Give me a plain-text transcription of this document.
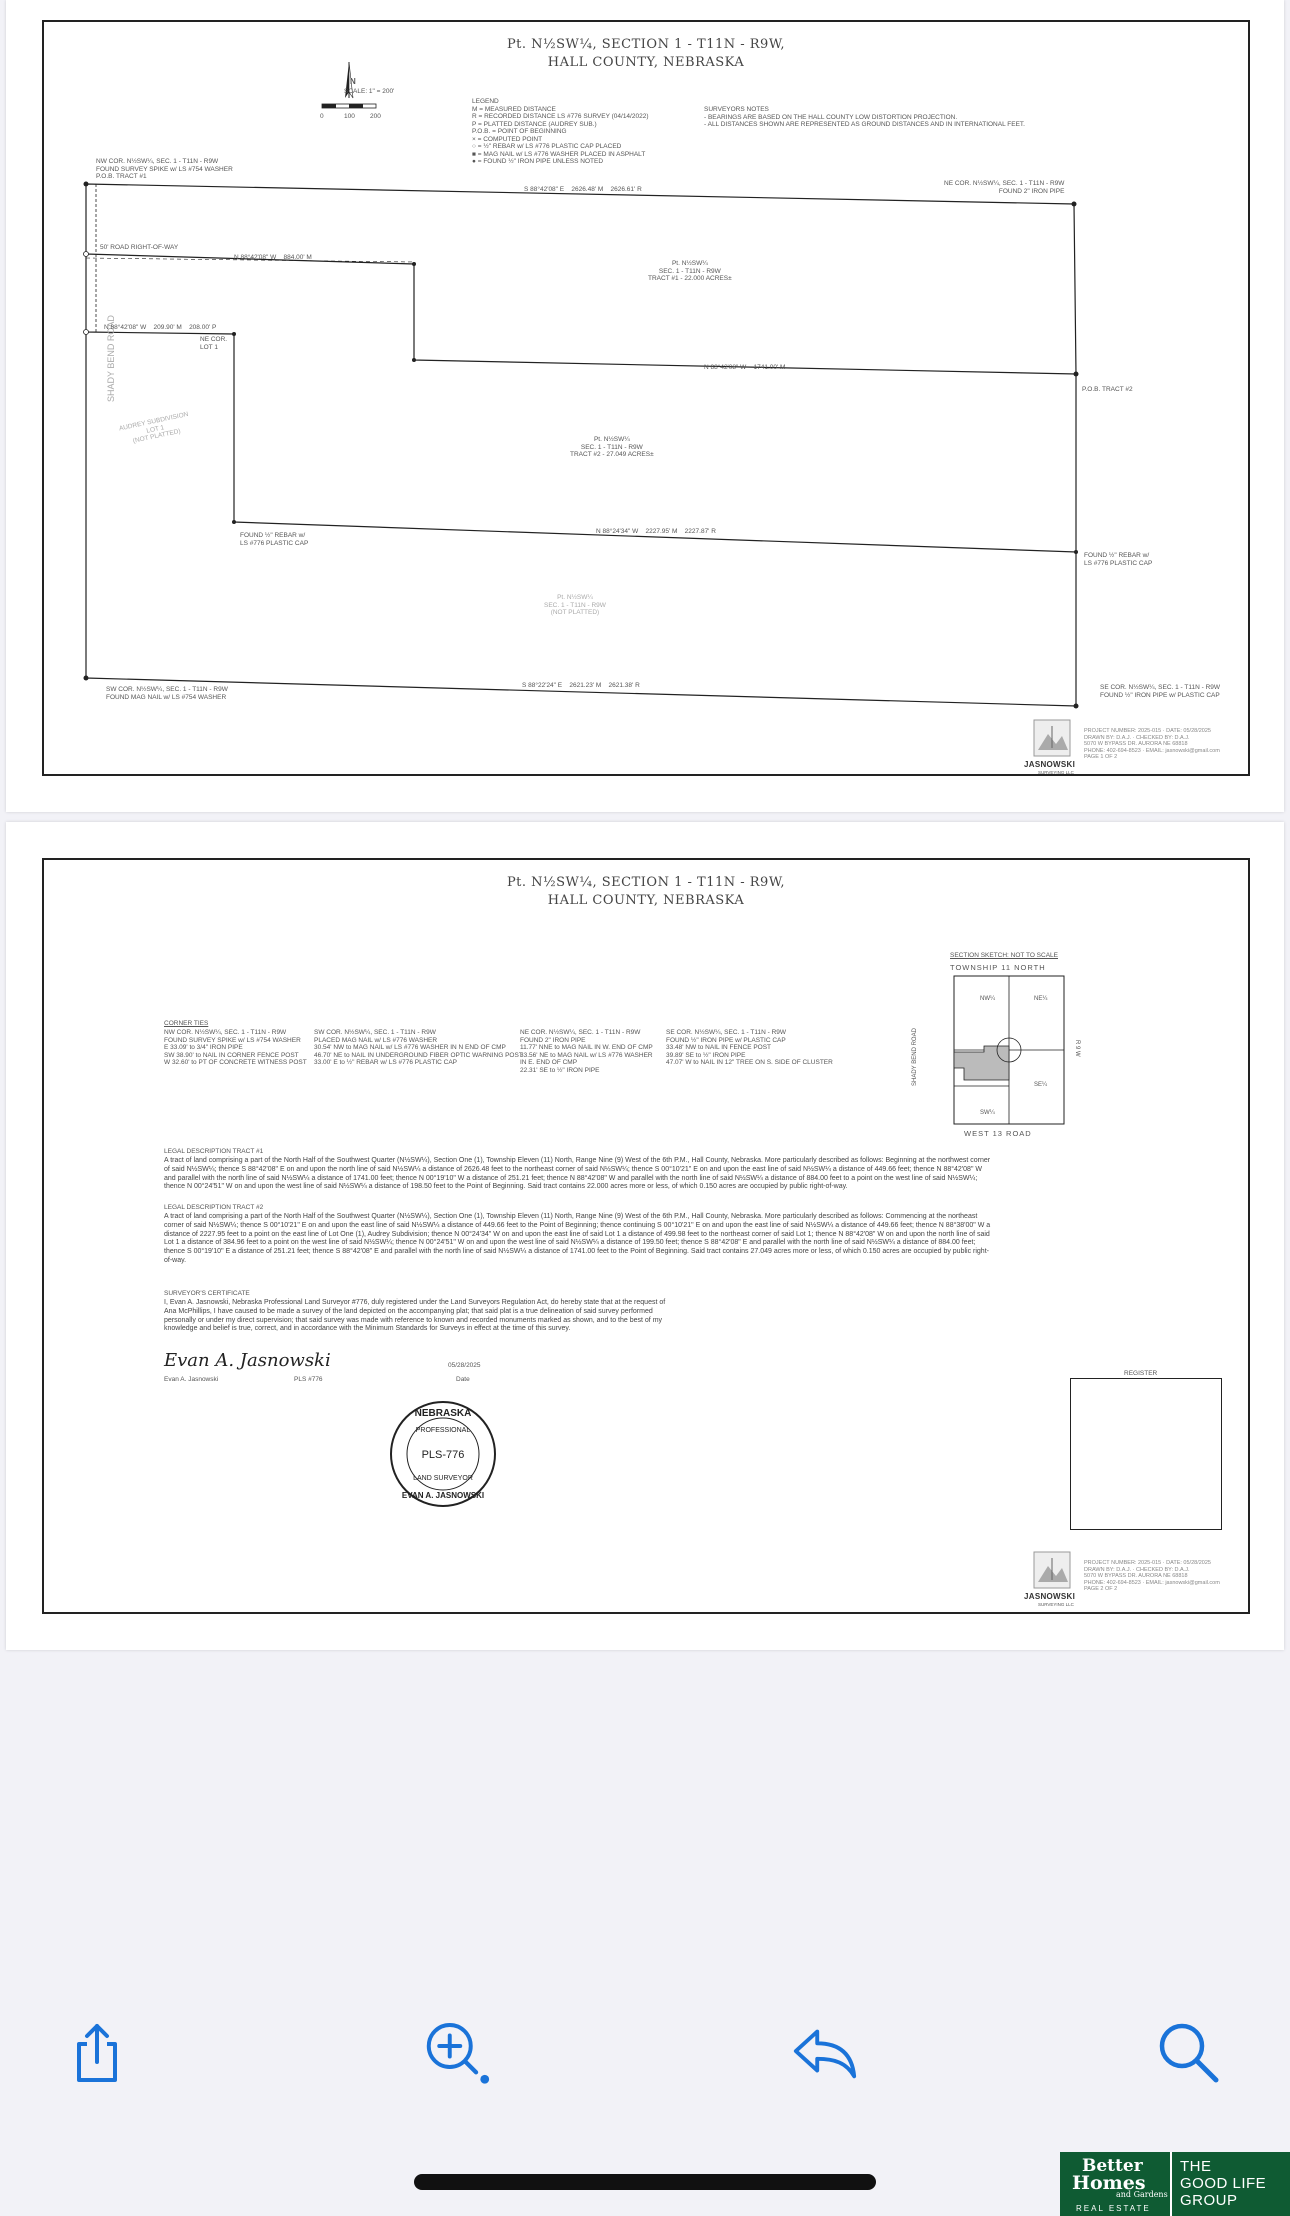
Pt. N½SW¼, SECTION 1 - T11N - R9W,
HALL COUNTY, NEBRASKA
N
SCALE: 1" = 200'
0	100 200
LEGEND
M = MEASURED DISTANCE
R = RECORDED DISTANCE LS #776 SURVEY (04/14/2022)
P = PLATTED DISTANCE (AUDREY SUB.)
P.O.B. = POINT OF BEGINNING
× = COMPUTED POINT
○ = ½" REBAR w/ LS #776 PLASTIC CAP PLACED
■ = MAG NAIL w/ LS #776 WASHER PLACED IN ASPHALT
● = FOUND ½" IRON PIPE UNLESS NOTED
SURVEYORS NOTES
- BEARINGS ARE BASED ON THE HALL COUNTY LOW DISTORTION PROJECTION.
- ALL DISTANCES SHOWN ARE REPRESENTED AS GROUND DISTANCES AND IN INTERNATIONAL FEET.
SHADY BEND ROAD
NW COR. N½SW¼, SEC. 1 - T11N - R9W
FOUND SURVEY SPIKE w/ LS #754 WASHER
P.O.B. TRACT #1
NE COR. N½SW¼, SEC. 1 - T11N - R9W
FOUND 2" IRON PIPE
SE COR. N½SW¼, SEC. 1 - T11N - R9W
FOUND ½" IRON PIPE w/ PLASTIC CAP
SW COR. N½SW¼, SEC. 1 - T11N - R9W
FOUND MAG NAIL w/ LS #754 WASHER
S 88°42'08" E    2626.48' M    2626.61' R
50' ROAD RIGHT-OF-WAY
N 88°42'08" W    884.00' M
N 88°42'08" W    1741.00' M
N 88°42'08" W    209.90' M    208.00' P
N 88°24'34" W    2227.95' M    2227.87' R
S 88°22'24" E    2621.23' M    2621.38' R
P.O.B. TRACT #2
FOUND ½" REBAR w/
LS #776 PLASTIC CAP
FOUND ½" REBAR w/
LS #776 PLASTIC CAP
NE COR.
LOT 1
Pt. N½SW¼
SEC. 1 - T11N - R9W
TRACT #1 - 22.000 ACRES±
Pt. N½SW¼
SEC. 1 - T11N - R9W
TRACT #2 - 27.049 ACRES±
Pt. N½SW¼
SEC. 1 - T11N - R9W
(NOT PLATTED)
AUDREY SUBDIVISION
LOT 1
(NOT PLATTED)
JASNOWSKI
SURVEYING LLC
PROJECT NUMBER: 2025-015 · DATE: 05/28/2025
DRAWN BY: D.A.J. · CHECKED BY: D.A.J.
5070 W BYPASS DR. AURORA NE 68818
PHONE: 402-694-8523 · EMAIL: jasnowski@gmail.com
PAGE 1 OF 2
Pt. N½SW¼, SECTION 1 - T11N - R9W,
HALL COUNTY, NEBRASKA
CORNER TIES
NW COR. N½SW¼, SEC. 1 - T11N - R9W
FOUND SURVEY SPIKE w/ LS #754 WASHER
E 33.09' to 3/4" IRON PIPE
SW 38.90' to NAIL IN CORNER FENCE POST
W 32.60' to PT OF CONCRETE WITNESS POST
SW COR. N½SW¼, SEC. 1 - T11N - R9W
PLACED MAG NAIL w/ LS #776 WASHER
30.54' NW to MAG NAIL w/ LS #776 WASHER IN N END OF CMP
46.70' NE to NAIL IN UNDERGROUND FIBER OPTIC WARNING POST
33.00' E to ½" REBAR w/ LS #776 PLASTIC CAP
NE COR. N½SW¼, SEC. 1 - T11N - R9W
FOUND 2" IRON PIPE
11.77' NNE to MAG NAIL IN W. END OF CMP
33.56' NE to MAG NAIL w/ LS #776 WASHER
IN E. END OF CMP
22.31' SE to ½" IRON PIPE
SE COR. N½SW¼, SEC. 1 - T11N - R9W
FOUND ½" IRON PIPE w/ PLASTIC CAP
33.48' NW to NAIL IN FENCE POST
39.89' SE to ½" IRON PIPE
47.07' W to NAIL IN 12" TREE ON S. SIDE OF CLUSTER
SECTION SKETCH: NOT TO SCALE
TOWNSHIP 11 NORTH
NW¼	NE¼
SW¼
SE¼
WEST 13 ROAD
SHADY BEND ROAD	R 9 W
LEGAL DESCRIPTION TRACT #1
A tract of land comprising a part of the North Half of the Southwest Quarter (N½SW¼), Section One (1), Township Eleven (11) North, Range Nine (9) West of the 6th P.M., Hall County, Nebraska. More particularly described as follows: Beginning at the northwest corner of said N½SW¼; thence S 88°42'08" E on and upon the north line of said N½SW¼ a distance of 2626.48 feet to the northeast corner of said N½SW¼; thence S 00°10'21" E on and upon the east line of said N½SW¼ a distance of 449.66 feet; thence N 88°42'08" W and parallel with the north line of said N½SW¼ a distance of 1741.00 feet; thence N 00°19'10" W a distance of 251.21 feet; thence N 88°42'08" W and parallel with the north line of said N½SW¼ a distance of 884.00 feet to a point on the west line of said N½SW¼; thence N 00°24'51" W on and upon the west line of said N½SW¼ a distance of 198.50 feet to the Point of Beginning. Said tract contains 22.000 acres more or less, of which 0.150 acres are occupied by public right-of-way.
LEGAL DESCRIPTION TRACT #2
A tract of land comprising a part of the North Half of the Southwest Quarter (N½SW¼), Section One (1), Township Eleven (11) North, Range Nine (9) West of the 6th P.M., Hall County, Nebraska. More particularly described as follows: Commencing at the northeast corner of said N½SW¼; thence S 00°10'21" E on and upon the east line of said N½SW¼ a distance of 449.66 feet to the Point of Beginning; thence continuing S 00°10'21" E on and upon the east line of said N½SW¼ a distance of 449.66 feet; thence N 88°38'00" W a distance of 2227.95 feet to a point on the east line of Lot One (1), Audrey Subdivision; thence N 00°24'34" W on and upon the east line of said Lot 1 a distance of 499.98 feet to the northeast corner of said Lot 1; thence N 88°42'08" W on and upon the north line of said Lot 1 a distance of 384.96 feet to a point on the west line of said N½SW¼; thence N 00°24'51" W on and upon the west line of said N½SW¼ a distance of 199.50 feet; thence S 88°42'08" E and parallel with the north line of said N½SW¼ a distance of 884.00 feet; thence S 00°19'10" E a distance of 251.21 feet; thence S 88°42'08" E and parallel with the north line of said N½SW¼ a distance of 1741.00 feet to the Point of Beginning. Said tract contains 27.049 acres more or less, of which 0.150 acres are occupied by public right-of-way.
SURVEYOR'S CERTIFICATE
I, Evan A. Jasnowski, Nebraska Professional Land Surveyor #776, duly registered under the Land Surveyors Regulation Act, do hereby state that at the request of Ana McPhillips, I have caused to be made a survey of the land depicted on the accompanying plat; that said plat is a true delineation of said survey performed personally or under my direct supervision; that said survey was made with reference to known and recorded monuments marked as shown, and to the best of my knowledge and belief is true, correct, and in accordance with the Minimum Standards for Surveys in effect at the time of this survey.
Evan A. Jasnowski
Evan A. Jasnowski	PLS #776
05/28/2025
Date
NEBRASKA
PROFESSIONAL
PLS-776
LAND SURVEYOR
EVAN A. JASNOWSKI
REGISTER
JASNOWSKI
SURVEYING LLC
PROJECT NUMBER: 2025-015 · DATE: 05/28/2025
DRAWN BY: D.A.J. · CHECKED BY: D.A.J.
5070 W BYPASS DR. AURORA NE 68818
PHONE: 402-694-8523 · EMAIL: jasnowski@gmail.com
PAGE 2 OF 2
Better
Homes
and Gardens
REAL ESTATE
THE
GOOD LIFE
GROUP
